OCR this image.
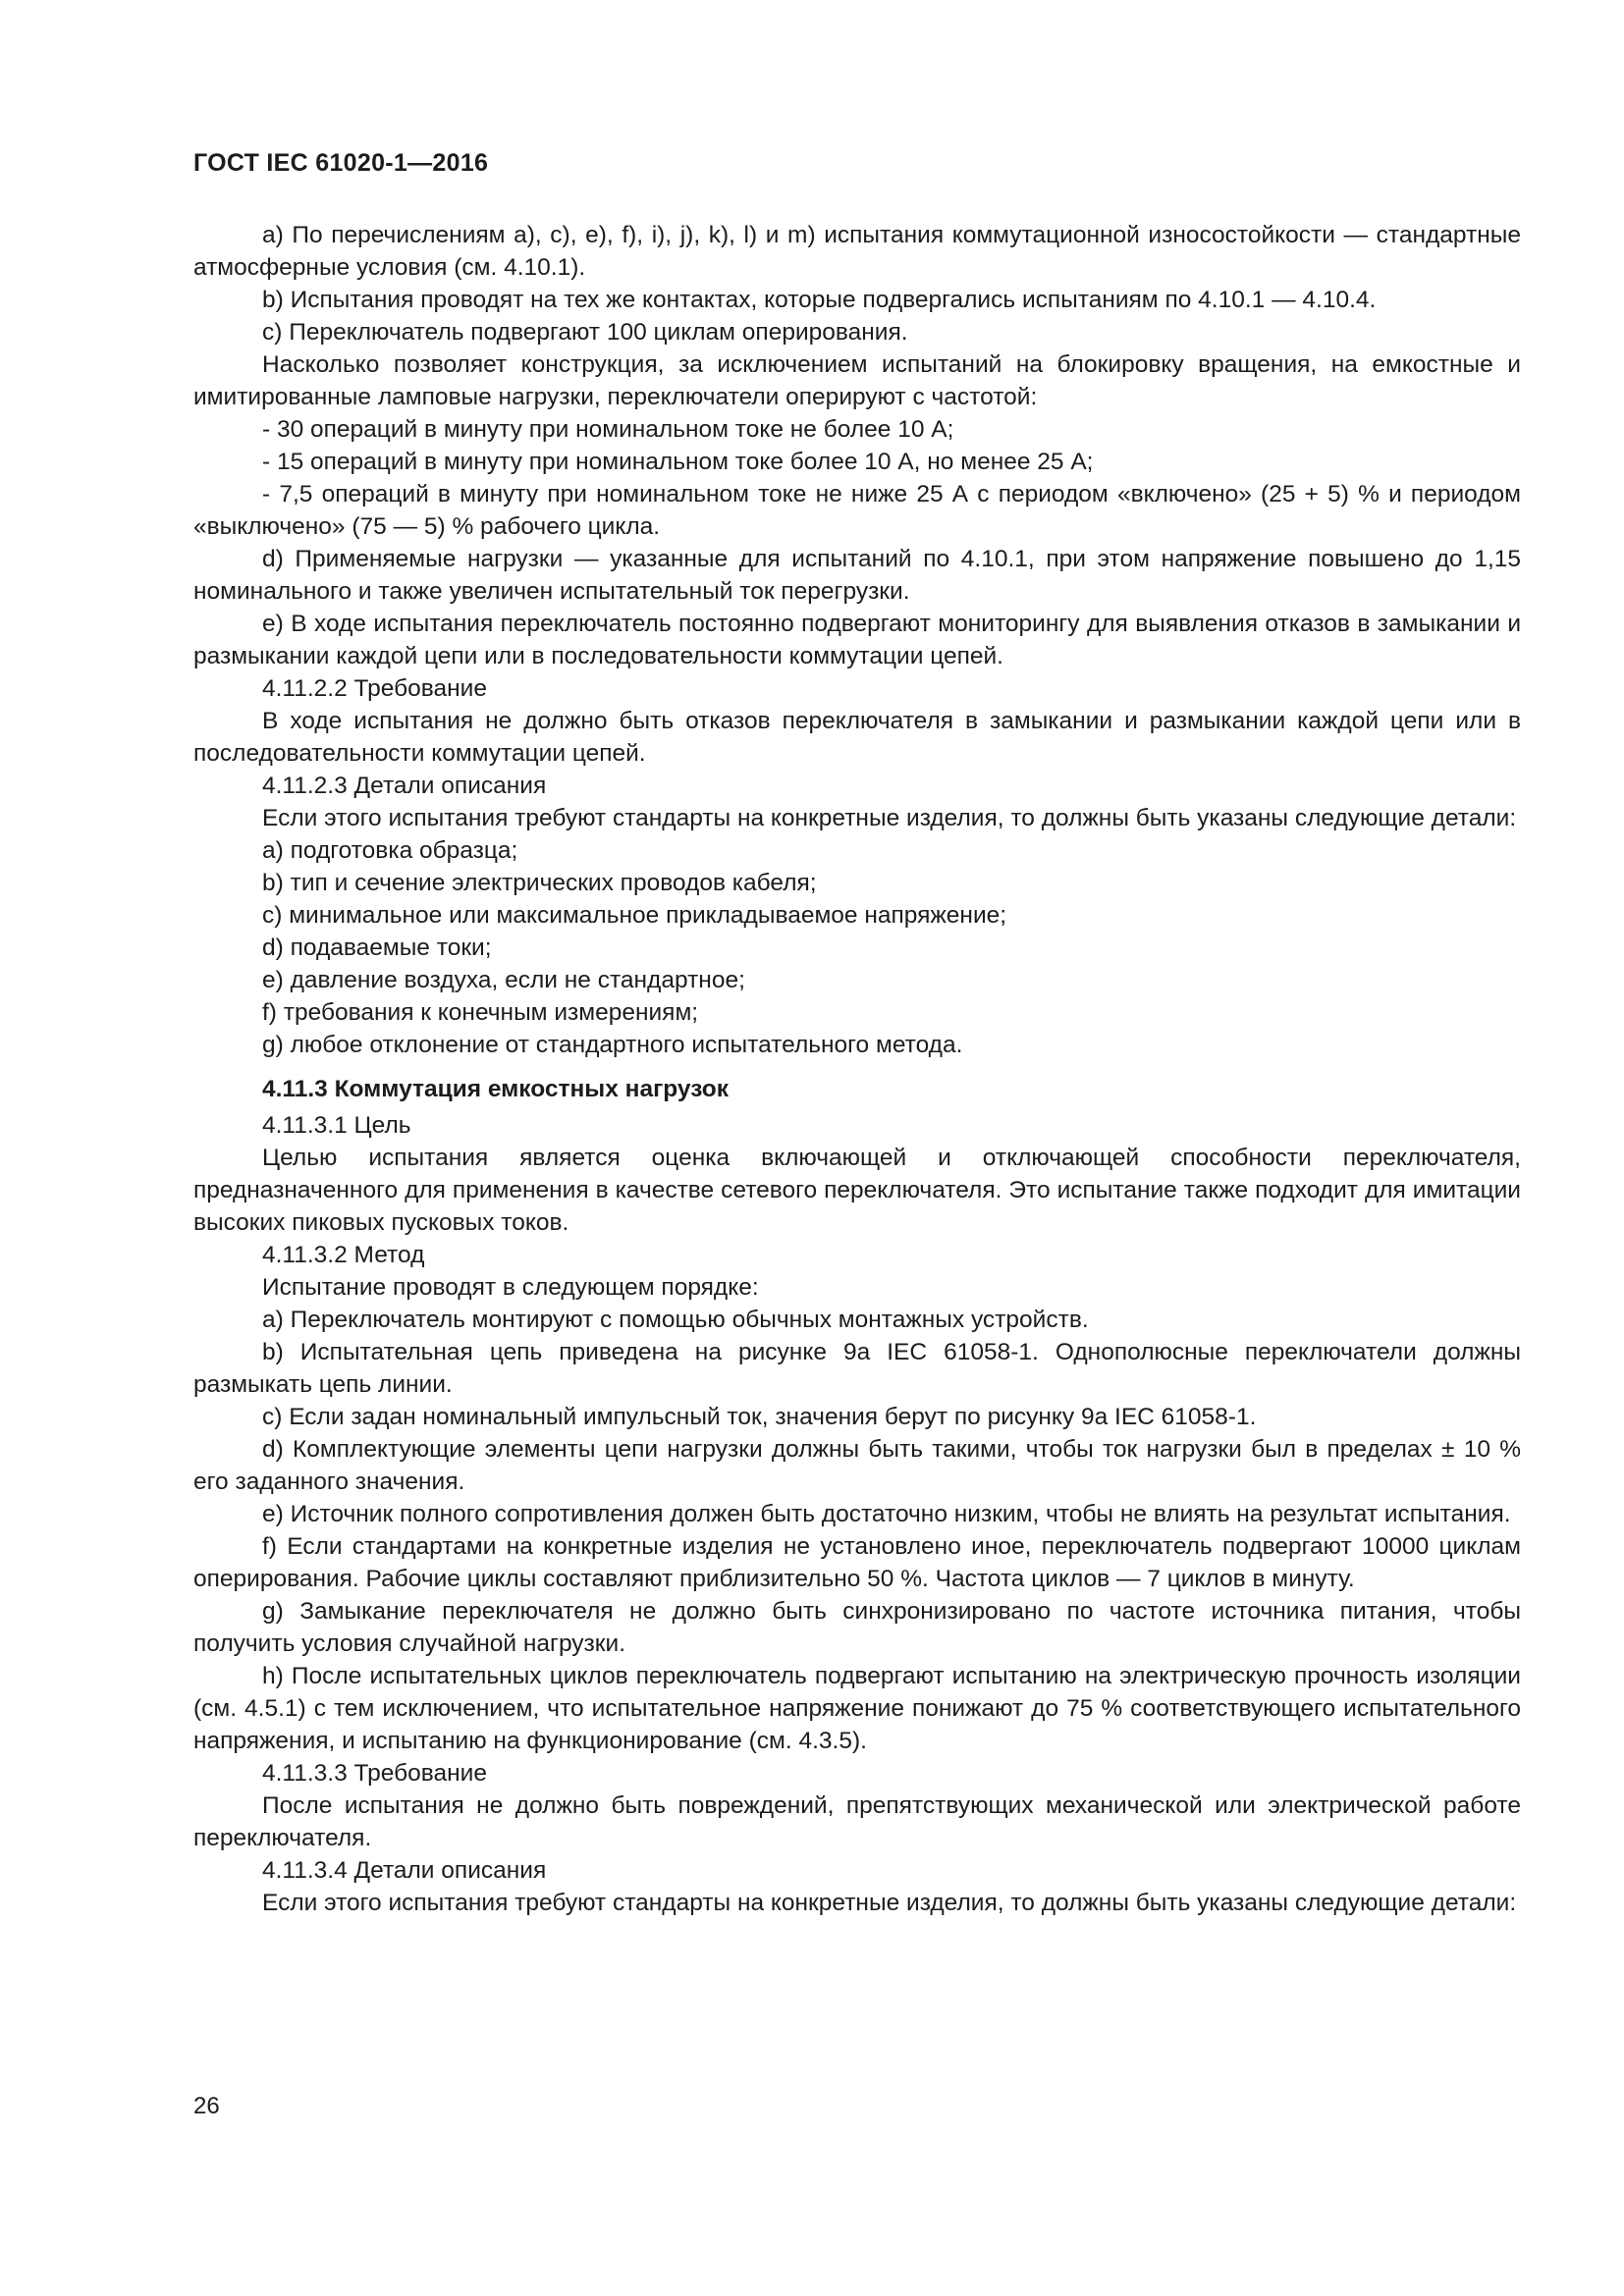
ГОСТ IEC 61020-1—2016

а) По перечислениям а), с), е), f), i), j), k), l) и m) испытания коммутационной износостойкости — стандартные атмосферные условия (см. 4.10.1).

b) Испытания проводят на тех же контактах, которые подвергались испытаниям по 4.10.1 — 4.10.4.

с) Переключатель подвергают 100 циклам оперирования.

Насколько позволяет конструкция, за исключением испытаний на блокировку вращения, на емкостные и имитированные ламповые нагрузки, переключатели оперируют с частотой:

- 30 операций в минуту при номинальном токе не более 10 А;

- 15 операций в минуту при номинальном токе более 10 А, но менее 25 А;

- 7,5 операций в минуту при номинальном токе не ниже 25 А с периодом «включено» (25 + 5) % и периодом «выключено» (75 — 5) % рабочего цикла.

d) Применяемые нагрузки — указанные для испытаний по 4.10.1, при этом напряжение повышено до 1,15 номинального и также увеличен испытательный ток перегрузки.

е) В ходе испытания переключатель постоянно подвергают мониторингу для выявления отказов в замыкании и размыкании каждой цепи или в последовательности коммутации цепей.

4.11.2.2 Требование

В ходе испытания не должно быть отказов переключателя в замыкании и размыкании каждой цепи или в последовательности коммутации цепей.

4.11.2.3 Детали описания

Если этого испытания требуют стандарты на конкретные изделия, то должны быть указаны следующие детали:

а) подготовка образца;

b) тип и сечение электрических проводов кабеля;

с) минимальное или максимальное прикладываемое напряжение;

d) подаваемые токи;

е) давление воздуха, если не стандартное;

f) требования к конечным измерениям;

g) любое отклонение от стандартного испытательного метода.

4.11.3 Коммутация емкостных нагрузок

4.11.3.1 Цель

Целью испытания является оценка включающей и отключающей способности переключателя, предназначенного для применения в качестве сетевого переключателя. Это испытание также подходит для имитации высоких пиковых пусковых токов.

4.11.3.2 Метод

Испытание проводят в следующем порядке:

а) Переключатель монтируют с помощью обычных монтажных устройств.

b) Испытательная цепь приведена на рисунке 9а IEC 61058-1. Однополюсные переключатели должны размыкать цепь линии.

с) Если задан номинальный импульсный ток, значения берут по рисунку 9а IEC 61058-1.

d) Комплектующие элементы цепи нагрузки должны быть такими, чтобы ток нагрузки был в пределах ± 10 % его заданного значения.

е) Источник полного сопротивления должен быть достаточно низким, чтобы не влиять на результат испытания.

f) Если стандартами на конкретные изделия не установлено иное, переключатель подвергают 10000 циклам оперирования. Рабочие циклы составляют приблизительно 50 %. Частота циклов — 7 циклов в минуту.

g) Замыкание переключателя не должно быть синхронизировано по частоте источника питания, чтобы получить условия случайной нагрузки.

h) После испытательных циклов переключатель подвергают испытанию на электрическую прочность изоляции (см. 4.5.1) с тем исключением, что испытательное напряжение понижают до 75 % соответствующего испытательного напряжения, и испытанию на функционирование (см. 4.3.5).

4.11.3.3 Требование

После испытания не должно быть повреждений, препятствующих механической или электрической работе переключателя.

4.11.3.4 Детали описания

Если этого испытания требуют стандарты на конкретные изделия, то должны быть указаны следующие детали:

26
